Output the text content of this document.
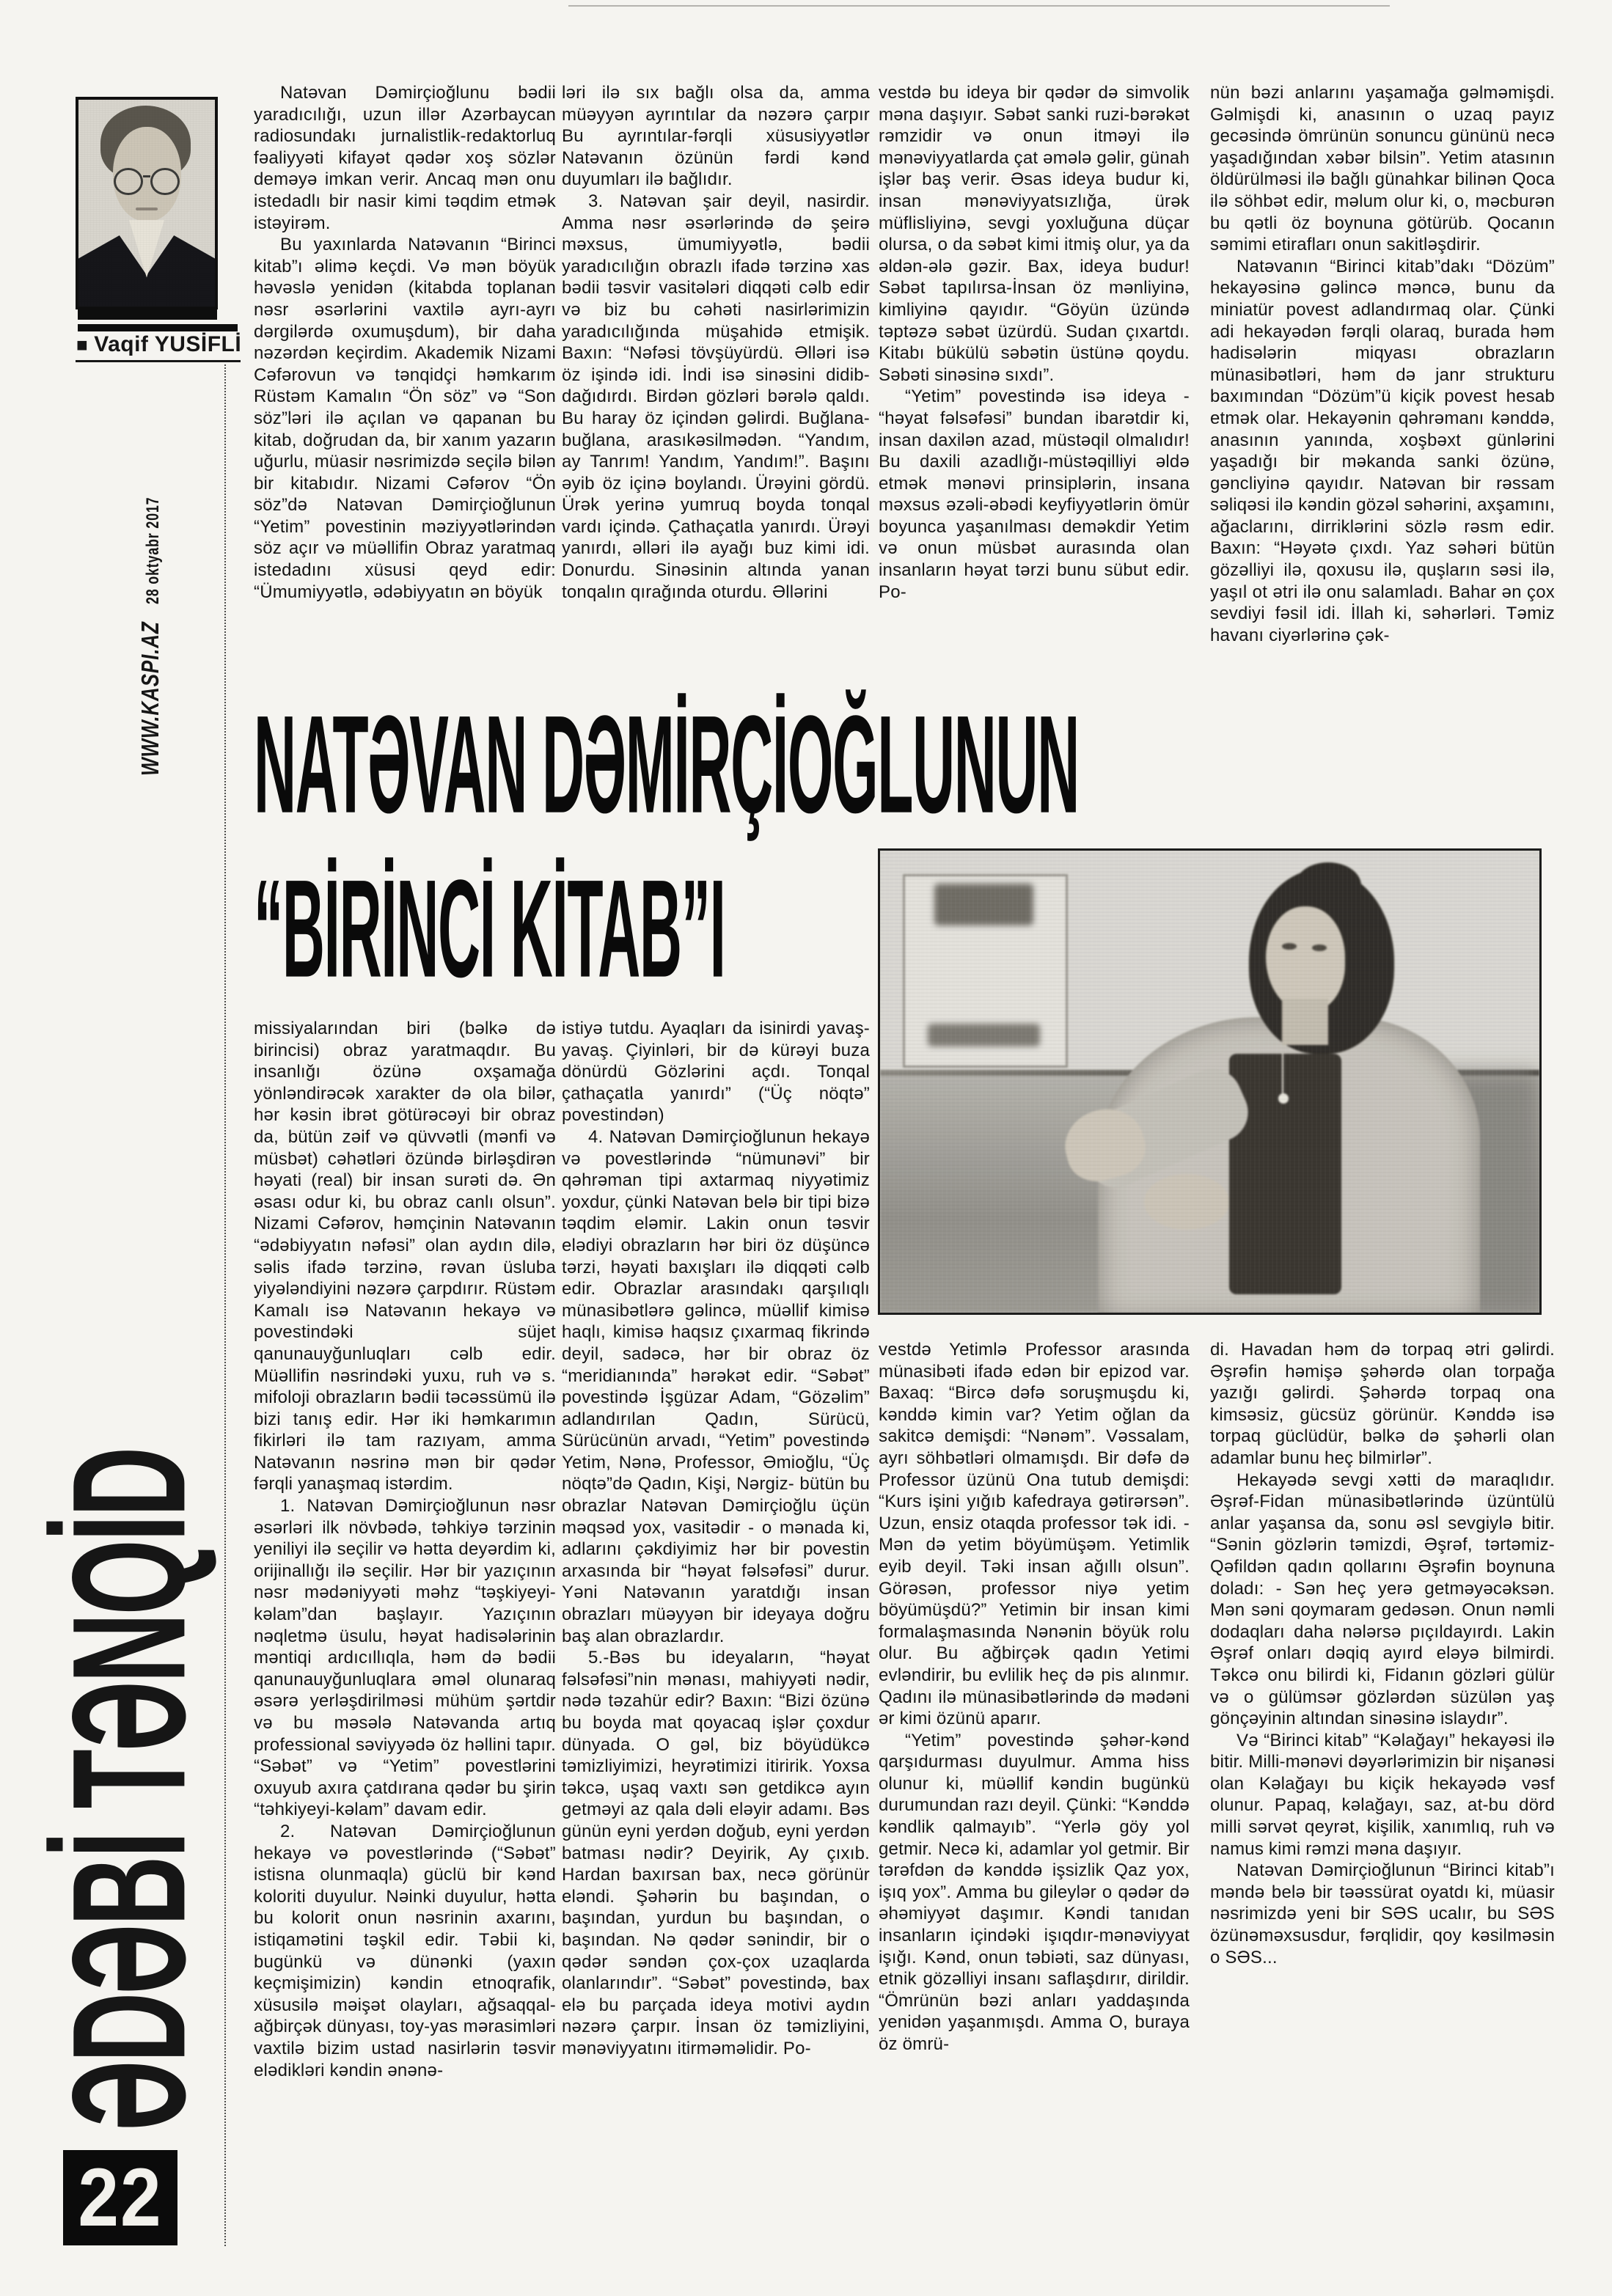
■ Vaqif YUSİFLİ
28 oktyabr 2017
WWW.KASPI.AZ
ƏDƏBİ TƏNQİD
22
NATƏVAN DƏMİRÇİOĞLUNUN
“BİRİNCİ KİTAB”I

Natəvan Dəmirçioğlunu bədii yaradıcılığı, uzun illər Azərbaycan radiosundakı jurnalistlik-redaktorluq fəaliyyəti kifayət qədər xoş sözlər deməyə imkan verir. Ancaq mən onu istedadlı bir nasir kimi təqdim etmək istəyirəm.

Bu yaxınlarda Natəvanın “Birinci kitab”ı əlimə keçdi. Və mən böyük həvəslə yenidən (kitabda toplanan nəsr əsərlərini vaxtilə ayrı-ayrı dərgilərdə oxumuşdum), bir daha nəzərdən keçirdim. Akademik Nizami Cəfərovun və tənqidçi həmkarım Rüstəm Kamalın “Ön söz” və “Son söz”ləri ilə açılan və qapanan bu kitab, doğrudan da, bir xanım yazarın uğurlu, müasir nəsrimizdə seçilə bilən bir kitabıdır. Nizami Cəfərov “Ön söz”də Natəvan Dəmirçioğlunun “Yetim” povestinin məziyyətlərindən söz açır və müəllifin Obraz yaratmaq istedadını xüsusi qeyd edir: “Ümumiyyətlə, ədəbiyyatın ən böyük

ləri ilə sıx bağlı olsa da, amma müəyyən ayrıntılar da nəzərə çarpır Bu ayrıntılar-fərqli xüsusiyyətlər Natəvanın özünün fərdi kənd duyumları ilə bağlıdır.

3. Natəvan şair deyil, nasirdir. Amma nəsr əsərlərində də şeirə məxsus, ümumiyyətlə, bədii yaradıcılığın obrazlı ifadə tərzinə xas bədii təsvir vasitələri diqqəti cəlb edir və biz bu cəhəti nasirlərimizin yaradıcılığında müşahidə etmişik. Baxın: “Nəfəsi tövşüyürdü. Əlləri isə öz işində idi. İndi isə sinəsini didib-dağıdırdı. Birdən gözləri bərələ qaldı. Bu haray öz içindən gəlirdi. Buğlana-buğlana, arasıkəsilmədən. “Yandım, ay Tanrım! Yandım, Yandım!”. Başını əyib öz içinə boylandı. Ürəyini gördü. Ürək yerinə yumruq boyda tonqal vardı içində. Çathaçatla yanırdı. Ürəyi yanırdı, əlləri ilə ayağı buz kimi idi. Donurdu. Sinəsinin altında yanan tonqalın qırağında oturdu. Əllərini

vestdə bu ideya bir qədər də simvolik məna daşıyır. Səbət sanki ruzi-bərəkət rəmzidir və onun itməyi ilə mənəviyyatlarda çat əmələ gəlir, günah işlər baş verir. Əsas ideya budur ki, insan mənəviyyatsızlığa, ürək müflisliyinə, sevgi yoxluğuna düçar olursa, o da səbət kimi itmiş olur, ya da əldən-ələ gəzir. Bax, ideya budur! Səbət tapılırsa-İnsan öz mənliyinə, kimliyinə qayıdır. “Göyün üzündə təptəzə səbət üzürdü. Sudan çıxartdı. Kitabı bükülü səbətin üstünə qoydu. Səbəti sinəsinə sıxdı”.

“Yetim” povestində isə ideya - “həyat fəlsəfəsi” bundan ibarətdir ki, insan daxilən azad, müstəqil olmalıdır! Bu daxili azadlığı-müstəqilliyi əldə etmək mənəvi prinsiplərin, insana məxsus əzəli-əbədi keyfiyyətlərin ömür boyunca yaşanılması deməkdir Yetim və onun müsbət aurasında olan insanların həyat tərzi bunu sübut edir. Po-

nün bəzi anlarını yaşamağa gəlməmişdi. Gəlmişdi ki, anasının o uzaq payız gecəsində ömrünün sonuncu gününü necə yaşadığından xəbər bilsin”. Yetim atasının öldürülməsi ilə bağlı günahkar bilinən Qoca ilə söhbət edir, məlum olur ki, o, məcburən bu qətli öz boynuna götürüb. Qocanın səmimi etirafları onun sakitləşdirir.

Natəvanın “Birinci kitab”dakı “Dözüm” hekayəsinə gəlincə məncə, bunu da miniatür povest adlandırmaq olar. Çünki adi hekayədən fərqli olaraq, burada həm hadisələrin miqyası obrazların münasibətləri, həm də janr strukturu baxımından “Dözüm”ü kiçik povest hesab etmək olar. Hekayənin qəhrəmanı kənddə, anasının yanında, xoşbəxt günlərini yaşadığı bir məkanda sanki özünə, gəncliyinə qayıdır. Natəvan bir rəssam səliqəsi ilə kəndin gözəl səhərini, axşamını, ağaclarını, dirriklərini sözlə rəsm edir. Baxın: “Həyətə çıxdı. Yaz səhəri bütün gözəlliyi ilə, qoxusu ilə, quşların səsi ilə, yaşıl ot ətri ilə onu salamladı. Bahar ən çox sevdiyi fəsil idi. İllah ki, səhərləri. Təmiz havanı ciyərlərinə çək-

missiyalarından biri (bəlkə də birincisi) obraz yaratmaqdır. Bu insanlığı özünə oxşamağa yönləndirəcək xarakter də ola bilər, hər kəsin ibrət götürəcəyi bir obraz da, bütün zəif və qüvvətli (mənfi və müsbət) cəhətləri özündə birləşdirən həyati (real) bir insan surəti də. Ən əsası odur ki, bu obraz canlı olsun”. Nizami Cəfərov, həmçinin Natəvanın “ədəbiyyatın nəfəsi” olan aydın dilə, səlis ifadə tərzinə, rəvan üsluba yiyələndiyini nəzərə çarpdırır. Rüstəm Kamalı isə Natəvanın hekayə və povestindəki süjet qanunauyğunluqları cəlb edir. Müəllifin nəsrindəki yuxu, ruh və s. mifoloji obrazların bədii təcəssümü ilə bizi tanış edir. Hər iki həmkarımın fikirləri ilə tam razıyam, amma Natəvanın nəsrinə mən bir qədər fərqli yanaşmaq istərdim.

1. Natəvan Dəmirçioğlunun nəsr əsərləri ilk növbədə, təhkiyə tərzinin yeniliyi ilə seçilir və hətta deyərdim ki, orijinallığı ilə seçilir. Hər bir yazıçının nəsr mədəniyyəti məhz “təşkiyeyi-kəlam”dan başlayır. Yazıçının nəqletmə üsulu, həyat hadisələrinin məntiqi ardıcıllıqla, həm də bədii qanunauyğunluqlara əməl olunaraq əsərə yerləşdirilməsi mühüm şərtdir və bu məsələ Natəvanda artıq professional səviyyədə öz həllini tapır. “Səbət” və “Yetim” povestlərini oxuyub axıra çatdırana qədər bu şirin “təhkiyeyi-kəlam” davam edir.

2. Natəvan Dəmirçioğlunun hekayə və povestlərində (“Səbət” istisna olunmaqla) güclü bir kənd koloriti duyulur. Nəinki duyulur, hətta bu kolorit onun nəsrinin axarını, istiqamətini təşkil edir. Təbii ki, bugünkü və dünənki (yaxın keçmişimizin) kəndin etnoqrafik, xüsusilə məişət olayları, ağsaqqal-ağbirçək dünyası, toy-yas mərasimləri vaxtilə bizim ustad nasirlərin təsvir elədikləri kəndin ənənə-

istiyə tutdu. Ayaqları da isinirdi yavaş-yavaş. Çiyinləri, bir də kürəyi buza dönürdü Gözlərini açdı. Tonqal çathaçatla yanırdı” (“Üç nöqtə” povestindən)

4. Natəvan Dəmirçioğlunun hekayə və povestlərində “nümunəvi” bir qəhrəman tipi axtarmaq niyyətimiz yoxdur, çünki Natəvan belə bir tipi bizə təqdim eləmir. Lakin onun təsvir elədiyi obrazların hər biri öz düşüncə tərzi, həyati baxışları ilə diqqəti cəlb edir. Obrazlar arasındakı qarşılıqlı münasibətlərə gəlincə, müəllif kimisə haqlı, kimisə haqsız çıxarmaq fikrində deyil, sadəcə, hər bir obraz öz “meridianında” hərəkət edir. “Səbət” povestində İşgüzar Adam, “Gözəlim” adlandırılan Qadın, Sürücü, Sürücünün arvadı, “Yetim” povestində Yetim, Nənə, Professor, Əmioğlu, “Üç nöqtə”də Qadın, Kişi, Nərgiz- bütün bu obrazlar Natəvan Dəmirçioğlu üçün məqsəd yox, vasitədir - o mənada ki, adlarını çəkdiyimiz hər bir povestin arxasında bir “həyat fəlsəfəsi” durur. Yəni Natəvanın yaratdığı insan obrazları müəyyən bir ideyaya doğru baş alan obrazlardır.

5.-Bəs bu ideyaların, “həyat fəlsəfəsi”nin mənası, mahiyyəti nədir, nədə təzahür edir? Baxın: “Bizi özünə bu boyda mat qoyacaq işlər çoxdur dünyada. O gəl, biz böyüdükcə təmizliyimizi, heyrətimizi itiririk. Yoxsa təkcə, uşaq vaxtı sən getdikcə ayın getməyi az qala dəli eləyir adamı. Bəs günün eyni yerdən doğub, eyni yerdən batması nədir? Deyirik, Ay çıxıb. Hardan baxırsan bax, necə görünür eləndi. Şəhərin bu başından, o başından, yurdun bu başından, o başından. Nə qədər sənindir, bir o qədər səndən çox-çox uzaqlarda olanlarındır”. “Səbət” povestində, bax elə bu parçada ideya motivi aydın nəzərə çarpır. İnsan öz təmizliyini, mənəviyyatını itirməməlidir. Po-

vestdə Yetimlə Professor arasında münasibəti ifadə edən bir epizod var. Baxaq: “Bircə dəfə soruşmuşdu ki, kənddə kimin var? Yetim oğlan da sakitcə demişdi: “Nənəm”. Vəssalam, ayrı söhbətləri olmamışdı. Bir dəfə də Professor üzünü Ona tutub demişdi: “Kurs işini yığıb kafedraya gətirərsən”. Uzun, ensiz otaqda professor tək idi. - Mən də yetim böyümüşəm. Yetimlik eyib deyil. Təki insan ağıllı olsun”. Görəsən, professor niyə yetim böyümüşdü?” Yetimin bir insan kimi formalaşmasında Nənənin böyük rolu olur. Bu ağbirçək qadın Yetimi evləndirir, bu evlilik heç də pis alınmır. Qadını ilə münasibətlərində də mədəni ər kimi özünü aparır.

“Yetim” povestində şəhər-kənd qarşıdurması duyulmur. Amma hiss olunur ki, müəllif kəndin bugünkü durumundan razı deyil. Çünki: “Kənddə kəndlik qalmayıb”. “Yerlə göy yol getmir. Necə ki, adamlar yol getmir. Bir tərəfdən də kənddə işsizlik Qaz yox, işıq yox”. Amma bu gileylər o qədər də əhəmiyyət daşımır. Kəndi tanıdan insanların içindəki işıqdır-mənəviyyat işığı. Kənd, onun təbiəti, saz dünyası, etnik gözəlliyi insanı saflaşdırır, dirildir. “Ömrünün bəzi anları yaddaşında yenidən yaşanmışdı. Amma O, buraya öz ömrü-

di. Havadan həm də torpaq ətri gəlirdi. Əşrəfin həmişə şəhərdə olan torpağa yazığı gəlirdi. Şəhərdə torpaq ona kimsəsiz, gücsüz görünür. Kənddə isə torpaq güclüdür, bəlkə də şəhərli olan adamlar bunu heç bilmirlər”.

Hekayədə sevgi xətti də maraqlıdır. Əşrəf-Fidan münasibətlərində üzüntülü anlar yaşansa da, sonu əsl sevgiylə bitir. “Sənin gözlərin təmizdi, Əşrəf, tərtəmiz-Qəfildən qadın qollarını Əşrəfin boynuna doladı: - Sən heç yerə getməyəcəksən. Mən səni qoymaram gedəsən. Onun nəmli dodaqları daha nələrsə pıçıldayırdı. Lakin Əşrəf onları dəqiq ayırd eləyə bilmirdi. Təkcə onu bilirdi ki, Fidanın gözləri gülür və o gülümsər gözlərdən süzülən yaş gönçəyinin altından sinəsinə islaydır”.

Və “Birinci kitab” “Kəlağayı” hekayəsi ilə bitir. Milli-mənəvi dəyərlərimizin bir nişanəsi olan Kəlağayı bu kiçik hekayədə vəsf olunur. Papaq, kəlağayı, saz, at-bu dörd milli sərvət qeyrət, kişilik, xanımlıq, ruh və namus kimi rəmzi məna daşıyır.

Natəvan Dəmirçioğlunun “Birinci kitab”ı məndə belə bir təəssürat oyatdı ki, müasir nəsrimizdə yeni bir SƏS ucalır, bu SƏS özünəməxsusdur, fərqlidir, qoy kəsilməsin o SƏS...
